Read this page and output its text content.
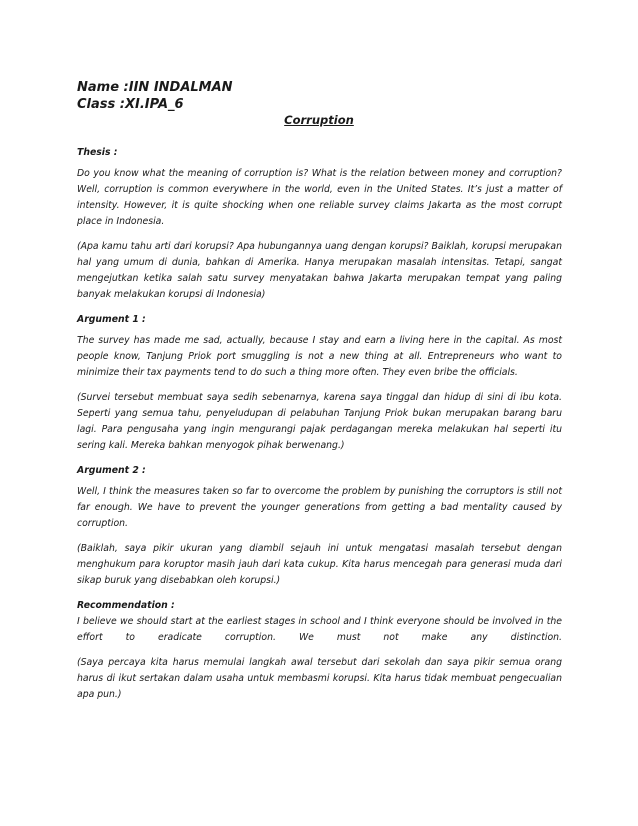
Name :IIN INDALMAN
Class :XI.IPA_6
Corruption

Thesis :

Do you know what the meaning of corruption is? What is the relation between money and corruption? Well, corruption is common everywhere in the world, even in the United States. It’s just a matter of intensity. However, it is quite shocking when one reliable survey claims Jakarta as the most corrupt place in Indonesia.

(Apa kamu tahu arti dari korupsi? Apa hubungannya uang dengan korupsi? Baiklah, korupsi merupakan hal yang umum di dunia, bahkan di Amerika. Hanya merupakan masalah intensitas. Tetapi, sangat mengejutkan ketika salah satu survey menyatakan bahwa Jakarta merupakan tempat yang paling banyak melakukan korupsi di Indonesia)

Argument 1 :

The survey has made me sad, actually, because I stay and earn a living here in the capital. As most people know, Tanjung Priok port smuggling is not a new thing at all. Entrepreneurs who want to minimize their tax payments tend to do such a thing more often. They even bribe the officials.

(Survei tersebut membuat saya sedih sebenarnya, karena saya tinggal dan hidup di sini di ibu kota. Seperti yang semua tahu, penyeludupan di pelabuhan Tanjung Priok bukan merupakan barang baru lagi. Para pengusaha yang ingin mengurangi pajak perdagangan mereka melakukan hal seperti itu sering kali. Mereka bahkan menyogok pihak berwenang.)

Argument 2 :

Well, I think the measures taken so far to overcome the problem by punishing the corruptors is still not far enough. We have to prevent the younger generations from getting a bad mentality caused by corruption.

(Baiklah, saya pikir ukuran yang diambil sejauh ini untuk mengatasi masalah tersebut dengan menghukum para koruptor masih jauh dari kata cukup. Kita harus mencegah para generasi muda dari sikap buruk yang disebabkan oleh korupsi.)

Recommendation :

I believe we should start at the earliest stages in school and I think everyone should be involved in the effort to eradicate corruption. We must not make any distinction.

(Saya percaya kita harus memulai langkah awal tersebut dari sekolah dan saya pikir semua orang harus di ikut sertakan dalam usaha untuk membasmi korupsi. Kita harus tidak membuat pengecualian apa pun.)
